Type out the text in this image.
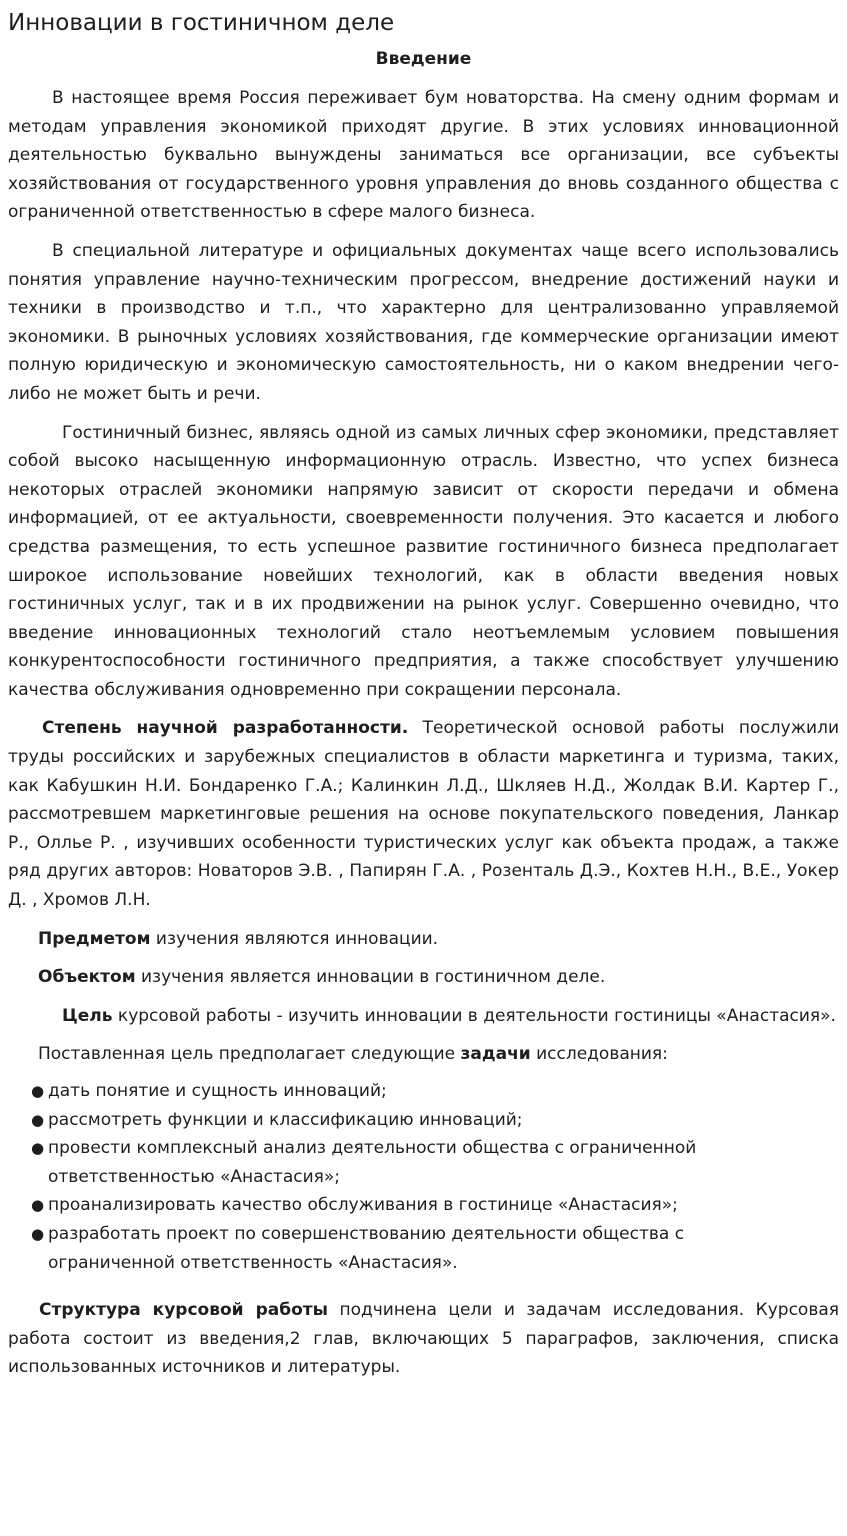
Инновации в гостиничном деле
Введение

В настоящее время Россия переживает бум новаторства. На смену одним формам и методам управления экономикой приходят другие. В этих условиях инновационной деятельностью буквально вынуждены заниматься все организации, все субъекты хозяйствования от государственного уровня управления до вновь созданного общества с ограниченной ответственностью в сфере малого бизнеса.

В специальной литературе и официальных документах чаще всего использовались понятия управление научно-техническим прогрессом, внедрение достижений науки и техники в производство и т.п., что характерно для централизованно управляемой экономики. В рыночных условиях хозяйствования, где коммерческие организации имеют полную юридическую и экономическую самостоятельность, ни о каком внедрении чего-либо не может быть и речи.

Гостиничный бизнес, являясь одной из самых личных сфер экономики, представляет собой высоко насыщенную информационную отрасль. Известно, что успех бизнеса некоторых отраслей экономики напрямую зависит от скорости передачи и обмена информацией, от ее актуальности, своевременности получения. Это касается и любого средства размещения, то есть успешное развитие гостиничного бизнеса предполагает широкое использование новейших технологий, как в области введения новых гостиничных услуг, так и в их продвижении на рынок услуг. Совершенно очевидно, что введение инновационных технологий стало неотъемлемым условием повышения конкурентоспособности гостиничного предприятия, а также способствует улучшению качества обслуживания одновременно при сокращении персонала.

Степень научной разработанности. Теоретической основой работы послужили труды российских и зарубежных специалистов в области маркетинга и туризма, таких, как Кабушкин Н.И. Бондаренко Г.А.; Калинкин Л.Д., Шкляев Н.Д., Жолдак В.И. Картер Г., рассмотревшем маркетинговые решения на основе покупательского поведения, Ланкар Р., Оллье Р. , изучивших особенности туристических услуг как объекта продаж, а также ряд других авторов: Новаторов Э.В. , Папирян Г.А. , Розенталь Д.Э., Кохтев Н.Н., В.Е., Уокер Д. , Хромов Л.Н.

Предметом изучения являются инновации.

Объектом изучения является инновации в гостиничном деле.

Цель курсовой работы - изучить инновации в деятельности гостиницы «Анастасия».

Поставленная цель предполагает следующие задачи исследования:

● дать понятие и сущность инноваций;
● рассмотреть функции и классификацию инноваций;
● провести комплексный анализ деятельности общества с ограниченной ответственностью «Анастасия»;
● проанализировать качество обслуживания в гостинице «Анастасия»;
● разработать проект по совершенствованию деятельности общества с ограниченной ответственность «Анастасия».

Структура курсовой работы подчинена цели и задачам исследования. Курсовая работа состоит из введения,2 глав, включающих 5 параграфов, заключения, списка использованных источников и литературы.
